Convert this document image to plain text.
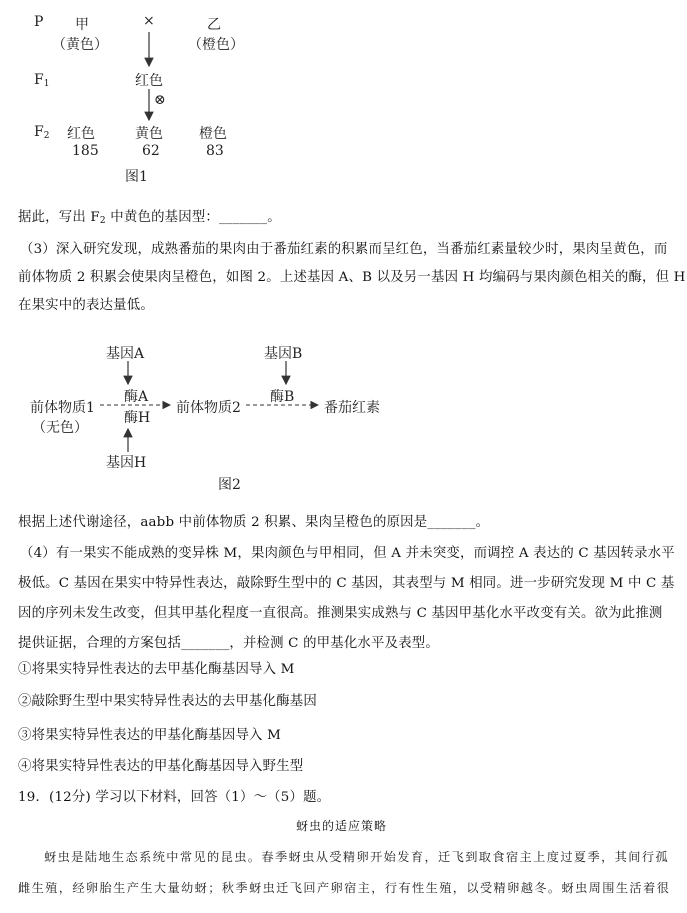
P 甲
（黄色）
×	乙
（橙色）
$F_1$	红色
⊗
$F_2$ 红色
185
黄色
62
橙色
83
图1
据此，写出 $F_2$ 中黄色的基因型：_______。
（3）深入研究发现，成熟番茄的果肉由于番茄红素的积累而呈红色，当番茄红素量较少时，果肉呈黄色，而
前体物质 2 积累会使果肉呈橙色，如图 2。上述基因 A、B 以及另一基因 H 均编码与果肉颜色相关的酶，但 H
在果实中的表达量低。
基因A
酶A
酶H
基因H
基因B
酶B
前体物质1
（无色）
前体物质2	番茄红素
图2
根据上述代谢途径，aabb 中前体物质 2 积累、果肉呈橙色的原因是_______。
（4）有一果实不能成熟的变异株 M，果肉颜色与甲相同，但 A 并未突变，而调控 A 表达的 C 基因转录水平
极低。C 基因在果实中特异性表达，敲除野生型中的 C 基因，其表型与 M 相同。进一步研究发现 M 中 C 基
因的序列未发生改变，但其甲基化程度一直很高。推测果实成熟与 C 基因甲基化水平改变有关。欲为此推测
提供证据，合理的方案包括_______，并检测 C 的甲基化水平及表型。
①将果实特异性表达的去甲基化酶基因导入 M
②敲除野生型中果实特异性表达的去甲基化酶基因
③将果实特异性表达的甲基化酶基因导入 M
④将果实特异性表达的甲基化酶基因导入野生型
19．(12分) 学习以下材料，回答（1）～（5）题。
蚜虫的适应策略
蚜虫是陆地生态系统中常见的昆虫。春季蚜虫从受精卵开始发育，迁飞到取食宿主上度过夏季，其间行孤
雌生殖，经卵胎生产生大量幼蚜；秋季蚜虫迁飞回产卵宿主，行有性生殖，以受精卵越冬。蚜虫周围生活着很
